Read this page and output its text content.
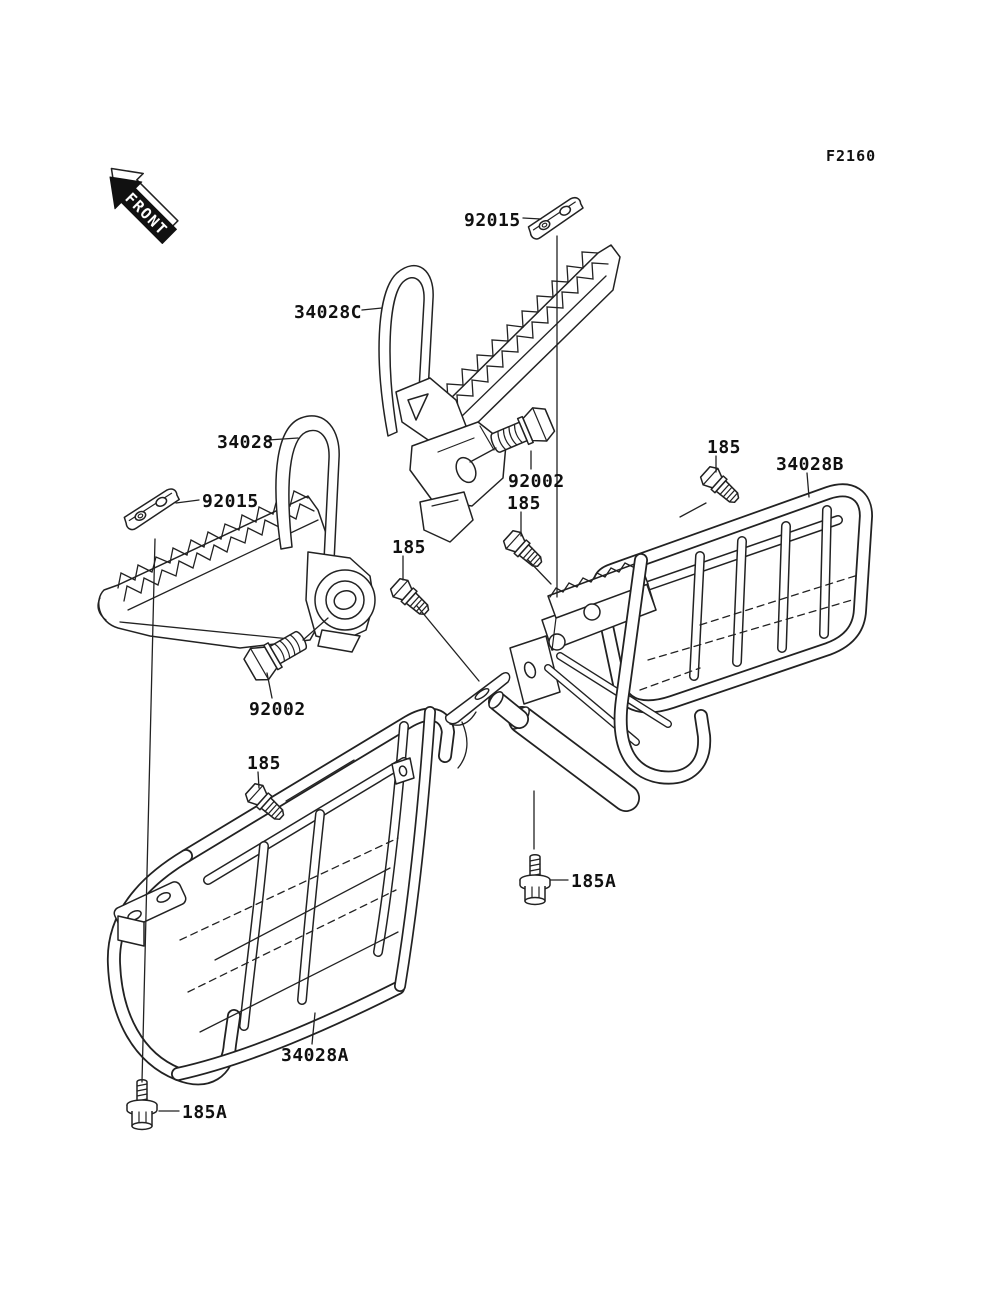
FRONT
F2160
92015
34028C
34028
92015
92002
185
185
185
34028B
92002
185
185A
34028A
185A
